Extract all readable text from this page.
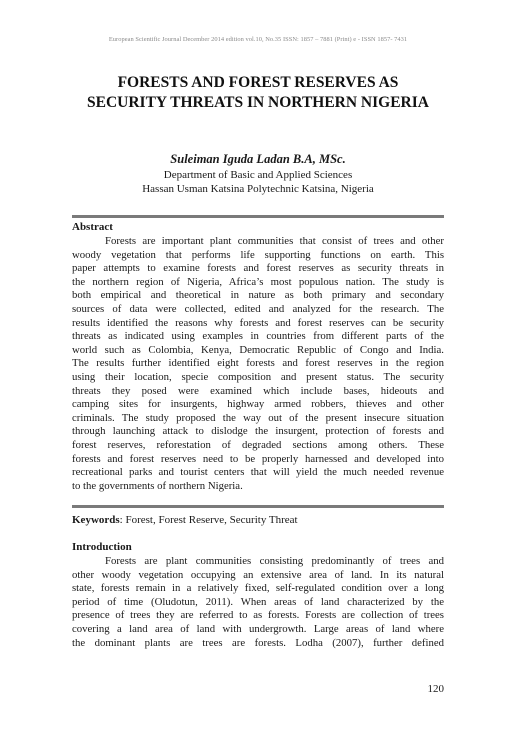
European Scientific Journal December 2014 edition vol.10, No.35 ISSN: 1857 – 7881 (Print) e - ISSN 1857- 7431
FORESTS AND FOREST RESERVES AS
SECURITY THREATS IN NORTHERN NIGERIA
Suleiman Iguda Ladan B.A, MSc.
Department of Basic and Applied Sciences
Hassan Usman Katsina Polytechnic Katsina, Nigeria
Abstract
Forests are important plant communities that consist of trees and other
woody vegetation that performs life supporting functions on earth. This
paper attempts to examine forests and forest reserves as security threats in
the northern region of Nigeria, Africa’s most populous nation. The study is
both empirical and theoretical in nature as both primary and secondary
sources of data were collected, edited and analyzed for the research. The
results identified the reasons why forests and forest reserves can be security
threats as indicated using examples in countries from different parts of the
world such as Colombia, Kenya, Democratic Republic of Congo and India.
The results further identified eight forests and forest reserves in the region
using their location, specie composition and present status. The security
threats they posed were examined which include bases, hideouts and
camping sites for insurgents, highway armed robbers, thieves and other
criminals. The study proposed the way out of the present insecure situation
through launching attack to dislodge the insurgent, protection of forests and
forest reserves, reforestation of degraded sections among others. These
forests and forest reserves need to be properly harnessed and developed into
recreational parks and tourist centers that will yield the much needed revenue
to the governments of northern Nigeria.
Keywords: Forest, Forest Reserve, Security Threat
Introduction
Forests are plant communities consisting predominantly of trees and
other woody vegetation occupying an extensive area of land. In its natural
state, forests remain in a relatively fixed, self-regulated condition over a long
period of time (Oludotun, 2011). When areas of land characterized by the
presence of trees they are referred to as forests. Forests are collection of trees
covering a land area of land with undergrowth. Large areas of land where
the dominant plants are trees are forests. Lodha (2007), further defined
120
